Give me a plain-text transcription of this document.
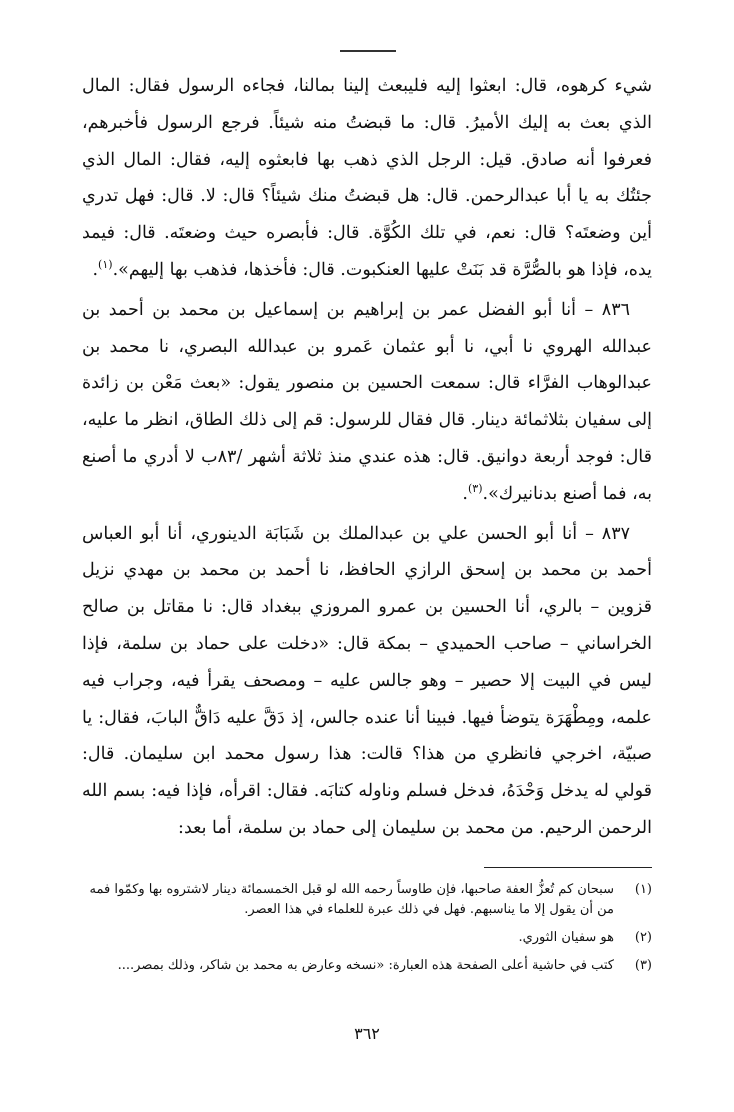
شيء كرهوه، قال: ابعثوا إليه فليبعث إلينا بمالنا، فجاءه الرسول فقال: المال الذي بعث به إليك الأميرُ. قال: ما قبضتُ منه شيئاً. فرجع الرسول فأخبرهم، فعرفوا أنه صادق. قيل: الرجل الذي ذهب بها فابعثوه إليه، فقال: المال الذي جئتُك به يا أبا عبدالرحمن. قال: هل قبضتُ منك شيئاً؟ قال: لا. قال: فهل تدري أين وضعتَه؟ قال: نعم، في تلك الكُوَّة. قال: فأبصره حيث وضعتَه. قال: فيمد يده، فإذا هو بالصُّرَّة قد بَنَتْ عليها العنكبوت. قال: فأخذها، فذهب بها إليهم».$^{(١)}$.

٨٣٦ – أنا أبو الفضل عمر بن إبراهيم بن إسماعيل بن محمد بن أحمد بن عبدالله الهروي نا أبي، نا أبو عثمان عَمرو بن عبدالله البصري، نا محمد بن عبدالوهاب الفرَّاء قال: سمعت الحسين بن منصور يقول: «بعث مَعْن بن زائدة إلى سفيان بثلاثمائة دينار. قال فقال للرسول: قم إلى ذلك الطاق، انظر ما عليه، قال: فوجد أربعة دوانيق. قال: هذه عندي منذ ثلاثة أشهر /٨٣ب لا أدري ما أصنع به، فما أصنع بدنانيرك».$^{(٣)}$.

٨٣٧ – أنا أبو الحسن علي بن عبدالملك بن شَبَابَة الدينوري، أنا أبو العباس أحمد بن محمد بن إسحق الرازي الحافظ، نا أحمد بن محمد بن مهدي نزيل قزوين – بالري، أنا الحسين بن عمرو المروزي ببغداد قال: نا مقاتل بن صالح الخراساني – صاحب الحميدي – بمكة قال: «دخلت على حماد بن سلمة، فإذا ليس في البيت إلا حصير – وهو جالس عليه – ومصحف يقرأ فيه، وجراب فيه علمه، ومِطْهَرَة يتوضأ فيها. فبينا أنا عنده جالس، إذ دَقَّ عليه دَاقٌّ البابَ، فقال: يا صبيّة، اخرجي فانظري من هذا؟ قالت: هذا رسول محمد ابن سليمان. قال: قولي له يدخل وَحْدَهُ، فدخل فسلم وناوله كتابَه. فقال: اقرأه، فإذا فيه: بسم الله الرحمن الرحيم. من محمد بن سليمان إلى حماد بن سلمة، أما بعد:

(١)
سبحان كم تُعزُّ العفة صاحبها، فإن طاوساً رحمه الله لو قبل الخمسمائة دينار لاشتروه بها وكمّوا فمه من أن يقول إلا ما يناسبهم. فهل في ذلك عبرة للعلماء في هذا العصر.
(٢)
هو سفيان الثوري.
(٣)
كتب في حاشية أعلى الصفحة هذه العبارة: «نسخه وعارض به محمد بن شاكر، وذلك بمصر....
٣٦٢
